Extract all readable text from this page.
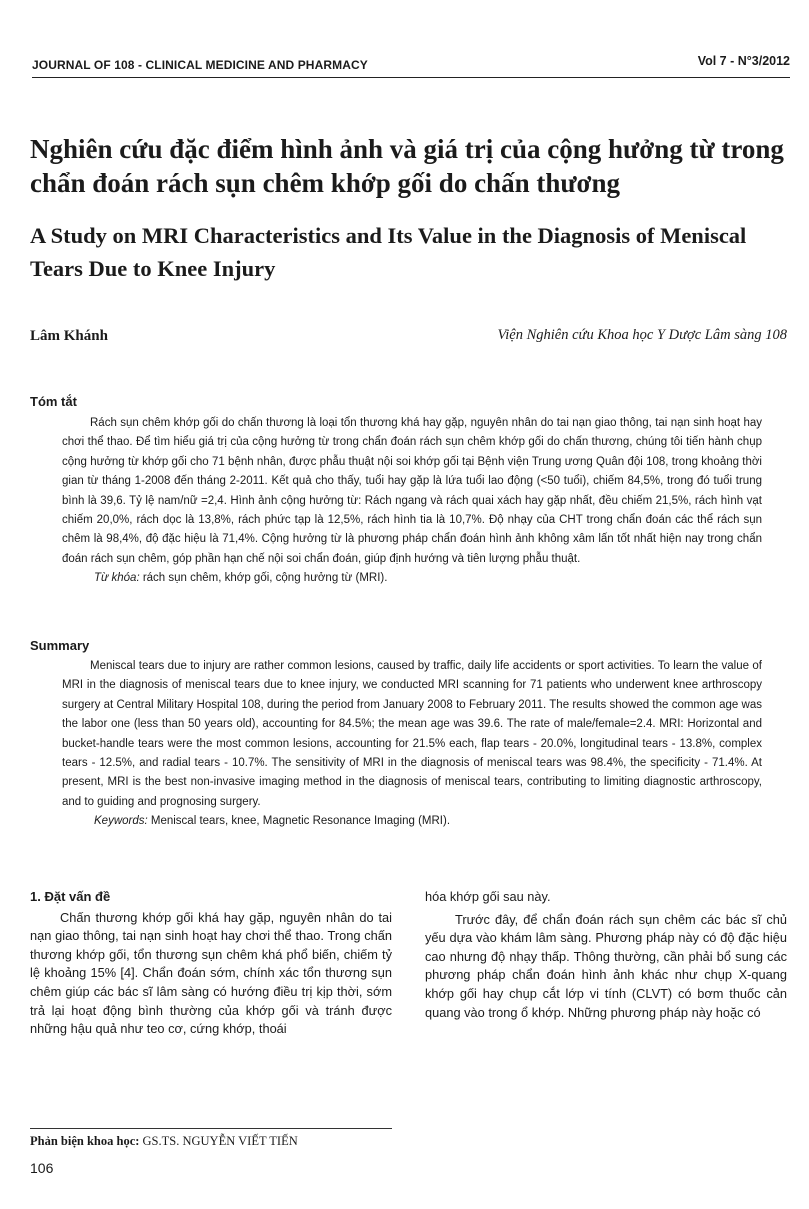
JOURNAL OF 108 - CLINICAL MEDICINE AND PHARMACY	Vol 7 - N°3/2012
Nghiên cứu đặc điểm hình ảnh và giá trị của cộng hưởng từ trong chẩn đoán rách sụn chêm khớp gối do chấn thương
A Study on MRI Characteristics and Its Value in the Diagnosis of Meniscal Tears Due to Knee Injury
Lâm Khánh	Viện Nghiên cứu Khoa học Y Dược Lâm sàng 108
Tóm tắt

Rách sụn chêm khớp gối do chấn thương là loại tổn thương khá hay gặp, nguyên nhân do tai nạn giao thông, tai nạn sinh hoạt hay chơi thể thao. Để tìm hiểu giá trị của cộng hưởng từ trong chẩn đoán rách sụn chêm khớp gối do chấn thương, chúng tôi tiến hành chụp cộng hưởng từ khớp gối cho 71 bệnh nhân, được phẫu thuật nội soi khớp gối tại Bệnh viện Trung ương Quân đội 108, trong khoảng thời gian từ tháng 1-2008 đến tháng 2-2011. Kết quả cho thấy, tuổi hay gặp là lứa tuổi lao động (<50 tuổi), chiếm 84,5%, trong đó tuổi trung bình là 39,6. Tỷ lệ nam/nữ =2,4. Hình ảnh cộng hưởng từ: Rách ngang và rách quai xách hay gặp nhất, đều chiếm 21,5%, rách hình vạt chiếm 20,0%, rách dọc là 13,8%, rách phức tạp là 12,5%, rách hình tia là 10,7%. Độ nhạy của CHT trong chẩn đoán các thể rách sụn chêm là 98,4%, độ đặc hiệu là 71,4%. Cộng hưởng từ là phương pháp chẩn đoán hình ảnh không xâm lấn tốt nhất hiện nay trong chẩn đoán rách sụn chêm, góp phần hạn chế nội soi chẩn đoán, giúp định hướng và tiên lượng phẫu thuật.

Từ khóa: rách sụn chêm, khớp gối, cộng hưởng từ (MRI).

Summary

Meniscal tears due to injury are rather common lesions, caused by traffic, daily life accidents or sport activities. To learn the value of MRI in the diagnosis of meniscal tears due to knee injury, we conducted MRI scanning for 71 patients who underwent knee arthroscopy surgery at Central Military Hospital 108, during the period from January 2008 to February 2011. The results showed the common age was the labor one (less than 50 years old), accounting for 84.5%; the mean age was 39.6. The rate of male/female=2.4. MRI: Horizontal and bucket-handle tears were the most common lesions, accounting for 21.5% each, flap tears - 20.0%, longitudinal tears - 13.8%, complex tears - 12.5%, and radial tears - 10.7%. The sensitivity of MRI in the diagnosis of meniscal tears was 98.4%, the specificity - 71.4%. At present, MRI is the best non-invasive imaging method in the diagnosis of meniscal tears, contributing to limiting diagnostic arthroscopy, and to guiding and prognosing surgery.

Keywords: Meniscal tears, knee, Magnetic Resonance Imaging (MRI).

1. Đặt vấn đề

Chấn thương khớp gối khá hay gặp, nguyên nhân do tai nạn giao thông, tai nạn sinh hoạt hay chơi thể thao. Trong chấn thương khớp gối, tổn thương sụn chêm khá phổ biến, chiếm tỷ lệ khoảng 15% [4]. Chẩn đoán sớm, chính xác tổn thương sụn chêm giúp các bác sĩ lâm sàng có hướng điều trị kịp thời, sớm trả lại hoạt động bình thường của khớp gối và tránh được những hậu quả như teo cơ, cứng khớp, thoái

hóa khớp gối sau này.

Trước đây, để chẩn đoán rách sụn chêm các bác sĩ chủ yếu dựa vào khám lâm sàng. Phương pháp này có độ đặc hiệu cao nhưng độ nhạy thấp. Thông thường, cần phải bổ sung các phương pháp chẩn đoán hình ảnh khác như chụp X-quang khớp gối hay chụp cắt lớp vi tính (CLVT) có bơm thuốc cản quang vào trong ổ khớp. Những phương pháp này hoặc có

Phản biện khoa học: GS.TS. NGUYỄN VIẾT TIẾN
106
